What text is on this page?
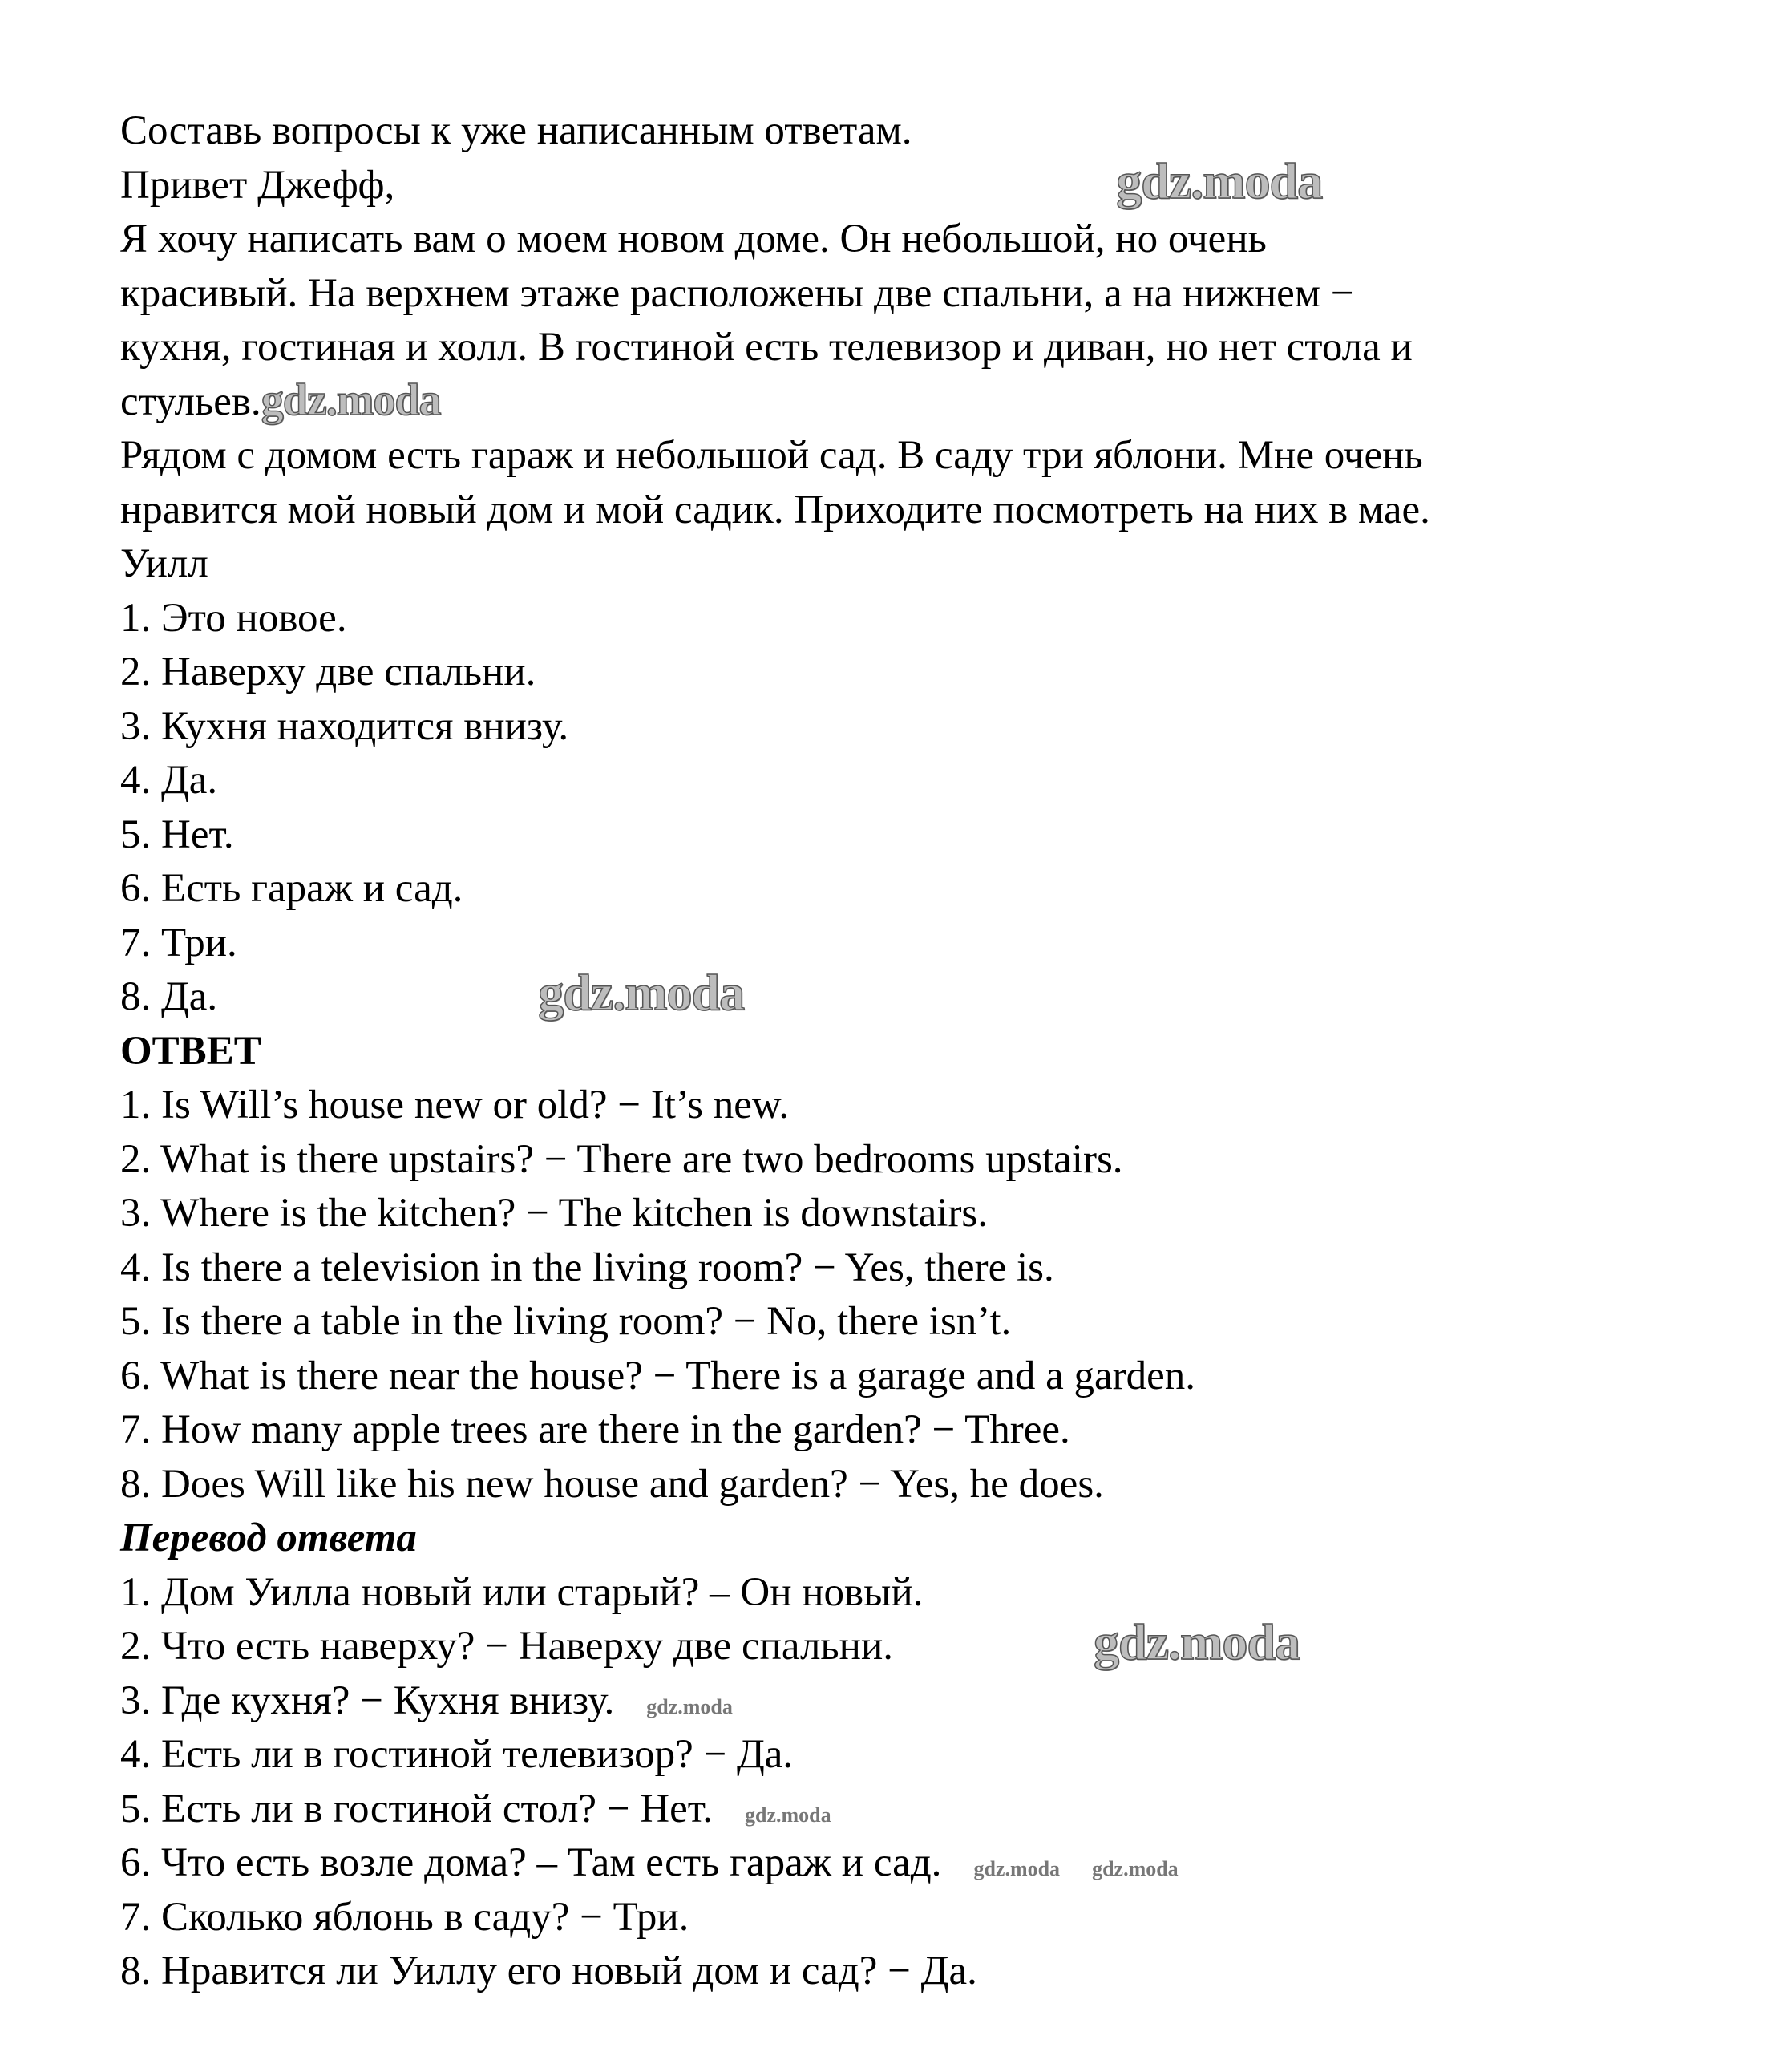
Составь вопросы к уже написанным ответам.
Привет Джефф,	gdz.moda
Я хочу написать вам о моем новом доме. Он небольшой, но очень
красивый. На верхнем этаже расположены две спальни, а на нижнем −
кухня, гостиная и холл. В гостиной есть телевизор и диван, но нет стола и
стульев.gdz.moda
Рядом с домом есть гараж и небольшой сад. В саду три яблони. Мне очень
нравится мой новый дом и мой садик. Приходите посмотреть на них в мае.
Уилл
1. Это новое.
2. Наверху две спальни.
3. Кухня находится внизу.
4. Да.
5. Нет.
6. Есть гараж и сад.
7. Три.
8. Да.	gdz.moda
ОТВЕТ
1. Is Will’s house new or old? − It’s new.
2. What is there upstairs? − There are two bedrooms upstairs.
3. Where is the kitchen? − The kitchen is downstairs.
4. Is there a television in the living room? − Yes, there is.
5. Is there a table in the living room? − No, there isn’t.
6. What is there near the house? − There is a garage and a garden.
7. How many apple trees are there in the garden? − Three.
8. Does Will like his new house and garden? − Yes, he does.
Перевод ответа
1. Дом Уилла новый или старый? – Он новый.
2. Что есть наверху? − Наверху две спальни.	gdz.moda
3. Где кухня? − Кухня внизу. gdz.moda
4. Есть ли в гостиной телевизор? − Да.
5. Есть ли в гостиной стол? − Нет. gdz.moda
6. Что есть возле дома? – Там есть гараж и сад. gdz.moda gdz.moda
7. Сколько яблонь в саду? − Три.
8. Нравится ли Уиллу его новый дом и сад? − Да.
